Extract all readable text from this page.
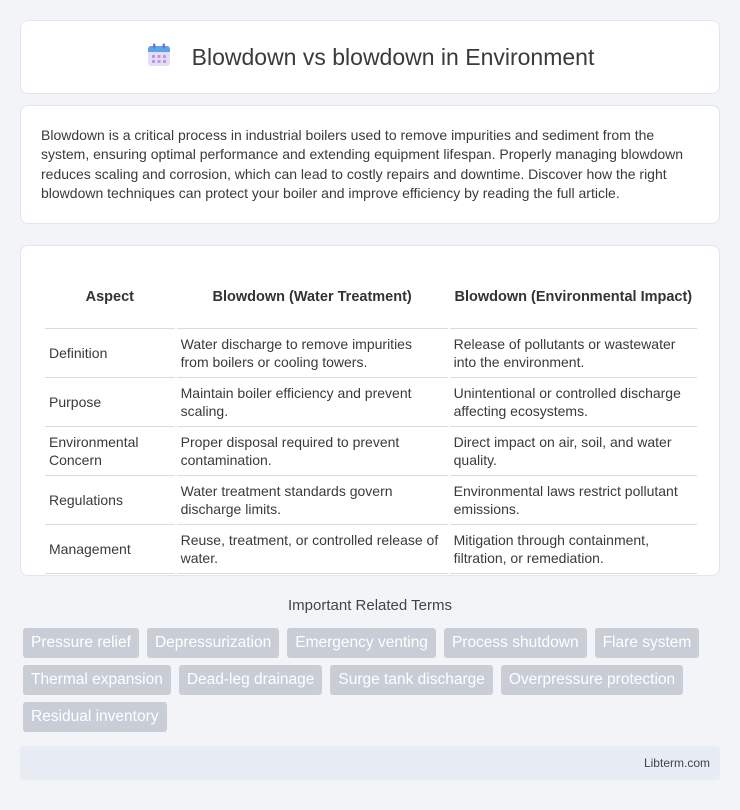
Blowdown vs blowdown in Environment

Blowdown is a critical process in industrial boilers used to remove impurities and sediment from the system, ensuring optimal performance and extending equipment lifespan. Properly managing blowdown reduces scaling and corrosion, which can lead to costly repairs and downtime. Discover how the right blowdown techniques can protect your boiler and improve efficiency by reading the full article.

Aspect	Blowdown (Water Treatment)	Blowdown (Environmental Impact)
Definition	Water discharge to remove impurities from boilers or cooling towers.	Release of pollutants or wastewater into the environment.
Purpose	Maintain boiler efficiency and prevent scaling.	Unintentional or controlled discharge affecting ecosystems.
Environmental Concern	Proper disposal required to prevent contamination.	Direct impact on air, soil, and water quality.
Regulations	Water treatment standards govern discharge limits.	Environmental laws restrict pollutant emissions.
Management	Reuse, treatment, or controlled release of water.	Mitigation through containment, filtration, or remediation.
Important Related Terms
Pressure relief	Depressurization	Emergency venting	Process shutdown	Flare system
Thermal expansion	Dead-leg drainage	Surge tank discharge	Overpressure protection
Residual inventory
Libterm.com
